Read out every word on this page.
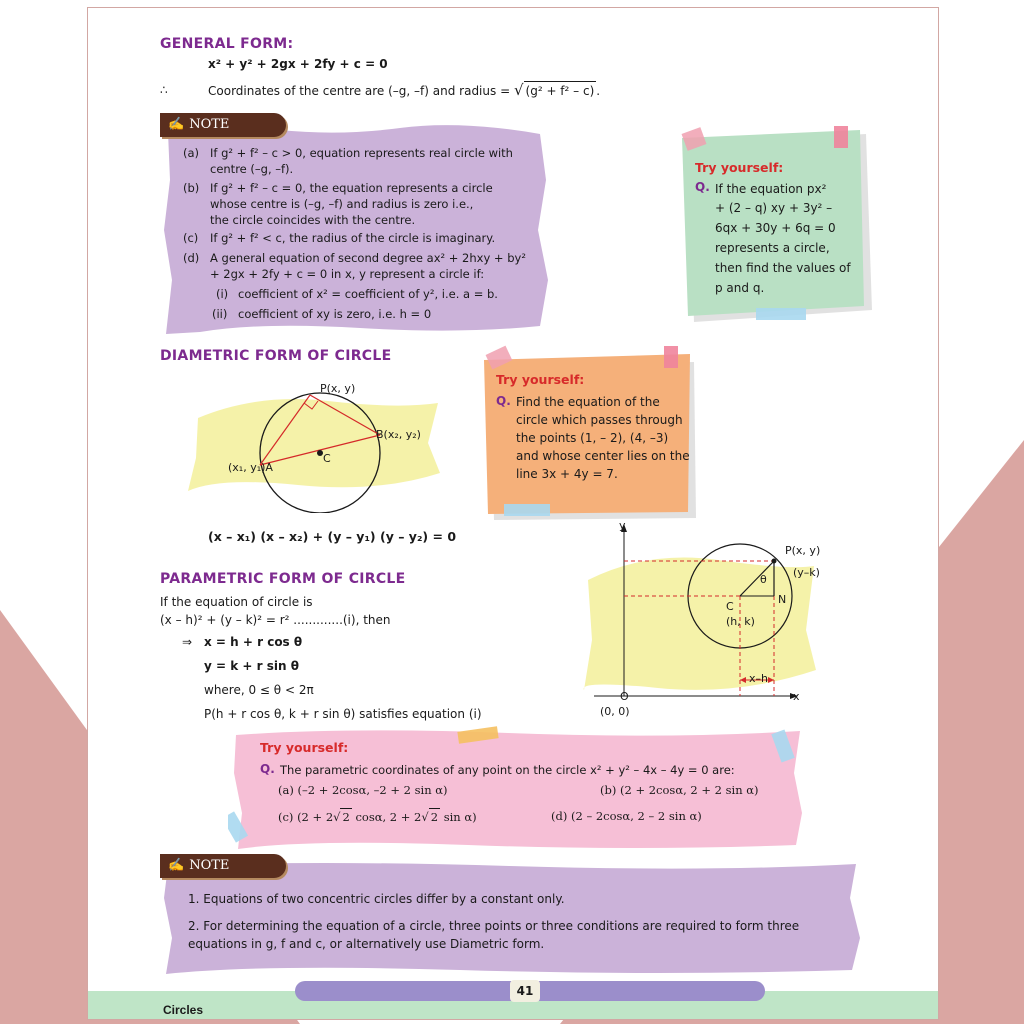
GENERAL FORM:
x² + y² + 2gx + 2fy + c = 0
∴	Coordinates of the centre are (–g, –f) and radius = √ (g² + f² – c) .
✍ NOTE
(a) If g² + f² – c > 0, equation represents real circle with
centre (–g, –f).
(b) If g² + f² – c = 0, the equation represents a circle
whose centre is (–g, –f) and radius is zero i.e.,
the circle coincides with the centre.
(c) If g² + f² < c, the radius of the circle is imaginary.
(d) A general equation of second degree ax² + 2hxy + by²
+ 2gx + 2fy + c = 0 in x, y represent a circle if:
(i) coefficient of x² = coefficient of y², i.e. a = b.
(ii) coefficient of xy is zero, i.e. h = 0
Try yourself:
Q. If the equation px²
+ (2 – q) xy + 3y² –
6qx + 30y + 6q = 0
represents a circle,
then find the values of
p and q.
DIAMETRIC FORM OF CIRCLE
P(x, y)
B(x₂, y₂)
(x₁, y₁)A
C
(x – x₁) (x – x₂) + (y – y₁) (y – y₂) = 0
Try yourself:
Q. Find the equation of the
circle which passes through
the points (1, – 2), (4, –3)
and whose center lies on the
line 3x + 4y = 7.
PARAMETRIC FORM OF CIRCLE
If the equation of circle is
(x – h)² + (y – k)² = r² .............(i), then
⇒ x = h + r cos θ
y = k + r sin θ
where, 0 ≤ θ < 2π
P(h + r cos θ, k + r sin θ) satisfies equation (i)
y
x
O
(0, 0)
P(x, y)
(y–k)
θ
C
(h, k)
N
x–h
Try yourself:
Q. The parametric coordinates of any point on the circle x² + y² – 4x – 4y = 0 are:
(a) (–2 + 2cosα, –2 + 2 sin α)	(b) (2 + 2cosα, 2 + 2 sin α)
(c) (2 + 2√ 2 cosα, 2 + 2√ 2 sin α)	(d) (2 – 2cosα, 2 – 2 sin α)
✍ NOTE
1. Equations of two concentric circles differ by a constant only.
2. For determining the equation of a circle, three points or three conditions are required to form three
equations in g, f and c, or alternatively use Diametric form.
41
Circles
